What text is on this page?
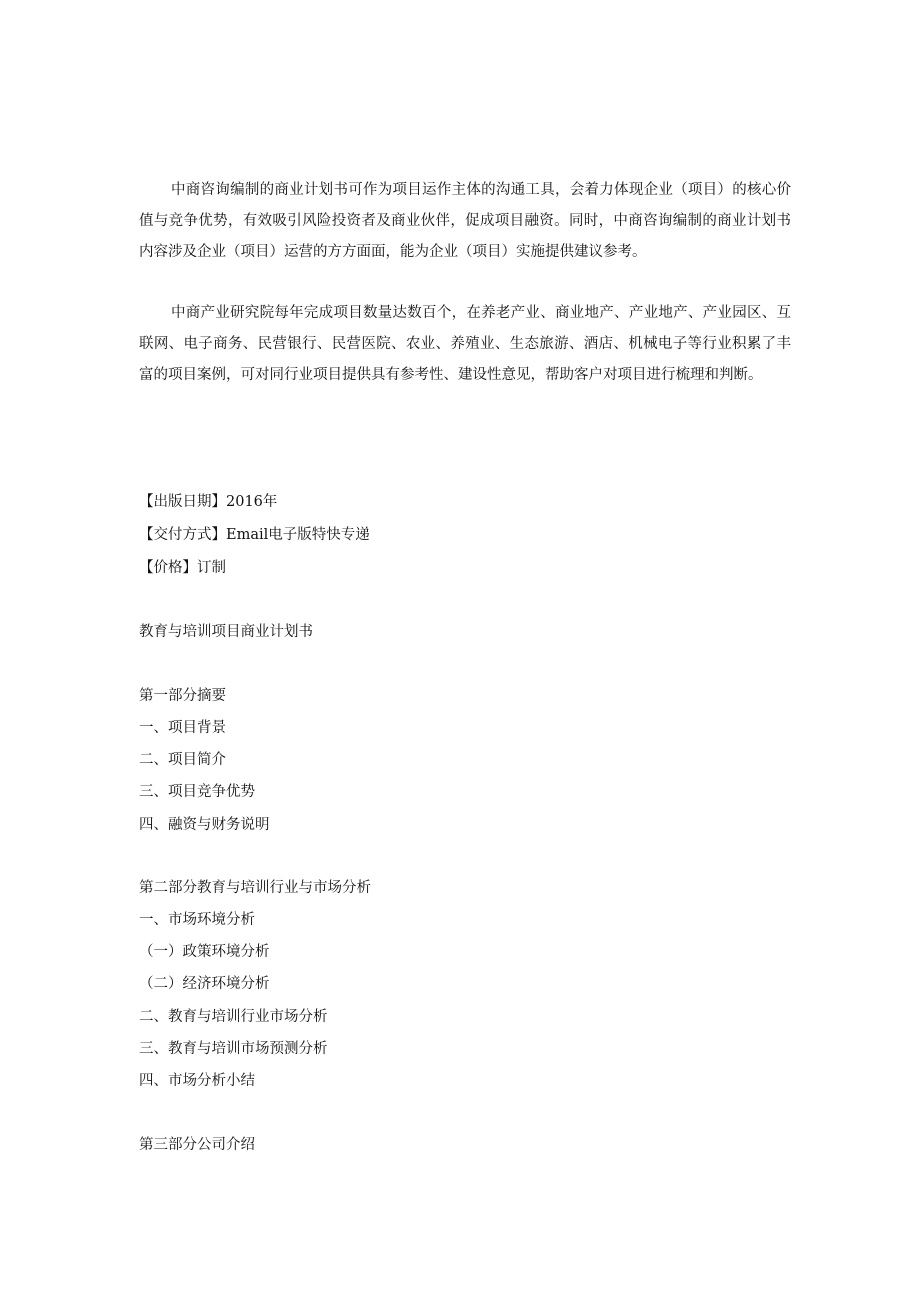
中商咨询编制的商业计划书可作为项目运作主体的沟通工具，会着力体现企业（项目）的核心价值与竞争优势，有效吸引风险投资者及商业伙伴，促成项目融资。同时，中商咨询编制的商业计划书内容涉及企业（项目）运营的方方面面，能为企业（项目）实施提供建议参考。

中商产业研究院每年完成项目数量达数百个，在养老产业、商业地产、产业地产、产业园区、互联网、电子商务、民营银行、民营医院、农业、养殖业、生态旅游、酒店、机械电子等行业积累了丰富的项目案例，可对同行业项目提供具有参考性、建设性意见，帮助客户对项目进行梳理和判断。

【出版日期】2016年

【交付方式】Email电子版特快专递

【价格】订制

教育与培训项目商业计划书

第一部分摘要

一、项目背景

二、项目简介

三、项目竞争优势

四、融资与财务说明

第二部分教育与培训行业与市场分析

一、市场环境分析

（一）政策环境分析

（二）经济环境分析

二、教育与培训行业市场分析

三、教育与培训市场预测分析

四、市场分析小结

第三部分公司介绍
